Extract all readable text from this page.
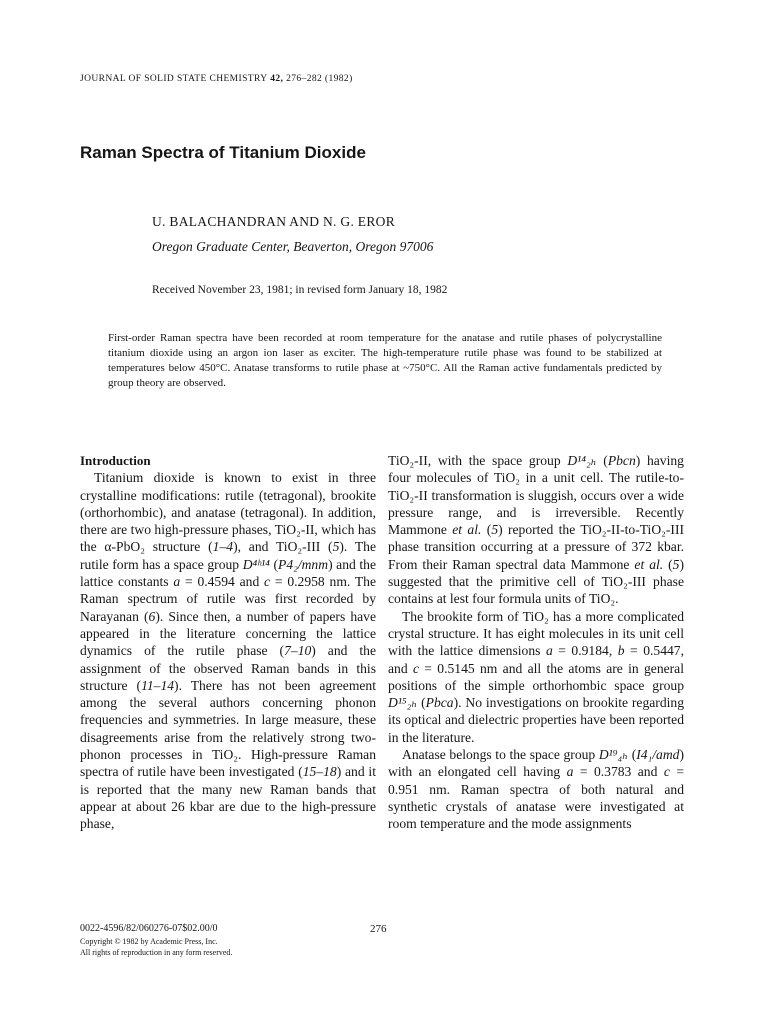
JOURNAL OF SOLID STATE CHEMISTRY 42, 276–282 (1982)
Raman Spectra of Titanium Dioxide
U. BALACHANDRAN AND N. G. EROR
Oregon Graduate Center, Beaverton, Oregon 97006
Received November 23, 1981; in revised form January 18, 1982
First-order Raman spectra have been recorded at room temperature for the anatase and rutile phases of polycrystalline titanium dioxide using an argon ion laser as exciter. The high-temperature rutile phase was found to be stabilized at temperatures below 450°C. Anatase transforms to rutile phase at ~750°C. All the Raman active fundamentals predicted by group theory are observed.

Introduction

Titanium dioxide is known to exist in three crystalline modifications: rutile (tetragonal), brookite (orthorhombic), and anatase (tetragonal). In addition, there are two high-pressure phases, TiO₂-II, which has the α-PbO₂ structure (1–4), and TiO₂-III (5). The rutile form has a space group D⁴ʰ¹⁴ (P4₂/mnm) and the lattice constants a = 0.4594 and c = 0.2958 nm. The Raman spectrum of rutile was first recorded by Narayanan (6). Since then, a number of papers have appeared in the literature concerning the lattice dynamics of the rutile phase (7–10) and the assignment of the observed Raman bands in this structure (11–14). There has not been agreement among the several authors concerning phonon frequencies and symmetries. In large measure, these disagreements arise from the relatively strong two-phonon processes in TiO₂. High-pressure Raman spectra of rutile have been investigated (15–18) and it is reported that the many new Raman bands that appear at about 26 kbar are due to the high-pressure phase,

TiO₂-II, with the space group D¹⁴₂ₕ (Pbcn) having four molecules of TiO₂ in a unit cell. The rutile-to-TiO₂-II transformation is sluggish, occurs over a wide pressure range, and is irreversible. Recently Mammone et al. (5) reported the TiO₂-II-to-TiO₂-III phase transition occurring at a pressure of 372 kbar. From their Raman spectral data Mammone et al. (5) suggested that the primitive cell of TiO₂-III phase contains at lest four formula units of TiO₂.

The brookite form of TiO₂ has a more complicated crystal structure. It has eight molecules in its unit cell with the lattice dimensions a = 0.9184, b = 0.5447, and c = 0.5145 nm and all the atoms are in general positions of the simple orthorhombic space group D¹⁵₂ₕ (Pbca). No investigations on brookite regarding its optical and dielectric properties have been reported in the literature.

Anatase belongs to the space group D¹⁹₄ₕ (I4₁/amd) with an elongated cell having a = 0.3783 and c = 0.951 nm. Raman spectra of both natural and synthetic crystals of anatase were investigated at room temperature and the mode assignments

0022-4596/82/060276-07$02.00/0	276
Copyright © 1982 by Academic Press, Inc.
All rights of reproduction in any form reserved.
